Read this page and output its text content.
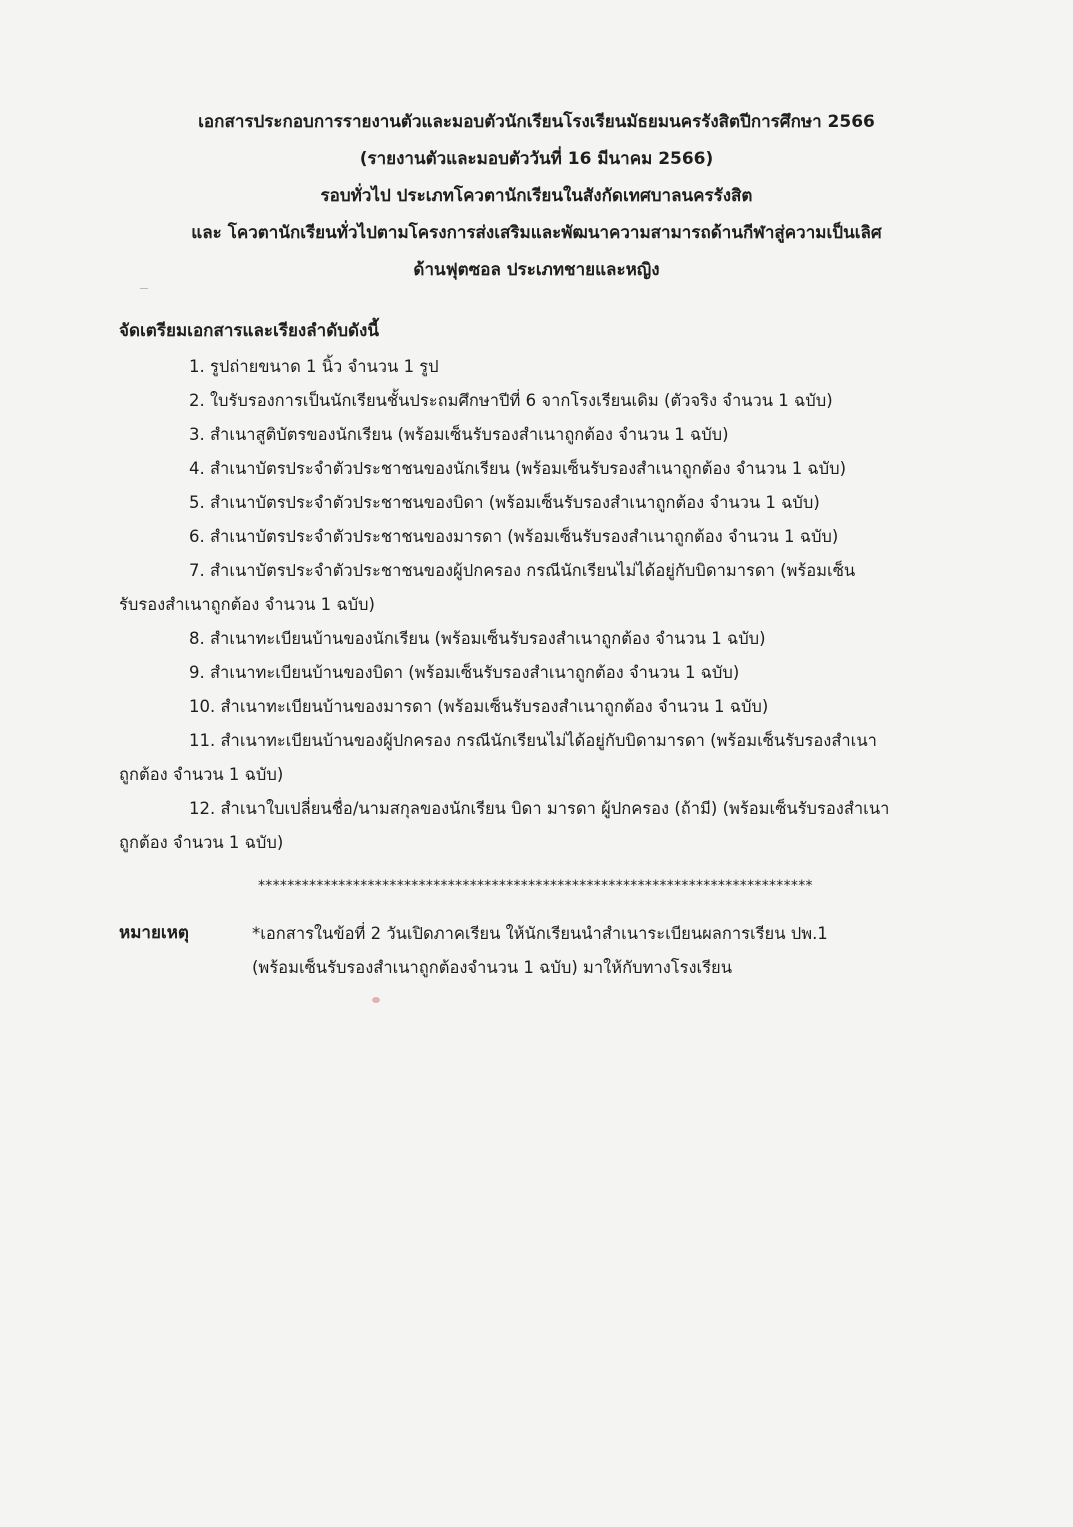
เอกสารประกอบการรายงานตัวและมอบตัวนักเรียนโรงเรียนมัธยมนครรังสิตปีการศึกษา 2566
(รายงานตัวและมอบตัววันที่ 16 มีนาคม 2566)
รอบทั่วไป ประเภทโควตานักเรียนในสังกัดเทศบาลนครรังสิต
และ โควตานักเรียนทั่วไปตามโครงการส่งเสริมและพัฒนาความสามารถด้านกีฬาสู่ความเป็นเลิศ
ด้านฟุตซอล ประเภทชายและหญิง
จัดเตรียมเอกสารและเรียงลำดับดังนี้
1. รูปถ่ายขนาด 1 นิ้ว จำนวน 1 รูป
2. ใบรับรองการเป็นนักเรียนชั้นประถมศึกษาปีที่ 6 จากโรงเรียนเดิม (ตัวจริง จำนวน 1 ฉบับ)
3. สำเนาสูติบัตรของนักเรียน (พร้อมเซ็นรับรองสำเนาถูกต้อง จำนวน 1 ฉบับ)
4. สำเนาบัตรประจำตัวประชาชนของนักเรียน (พร้อมเซ็นรับรองสำเนาถูกต้อง จำนวน 1 ฉบับ)
5. สำเนาบัตรประจำตัวประชาชนของบิดา (พร้อมเซ็นรับรองสำเนาถูกต้อง จำนวน 1 ฉบับ)
6. สำเนาบัตรประจำตัวประชาชนของมารดา (พร้อมเซ็นรับรองสำเนาถูกต้อง จำนวน 1 ฉบับ)
7. สำเนาบัตรประจำตัวประชาชนของผู้ปกครอง กรณีนักเรียนไม่ได้อยู่กับบิดามารดา (พร้อมเซ็น
รับรองสำเนาถูกต้อง จำนวน 1 ฉบับ)
8. สำเนาทะเบียนบ้านของนักเรียน (พร้อมเซ็นรับรองสำเนาถูกต้อง จำนวน 1 ฉบับ)
9. สำเนาทะเบียนบ้านของบิดา (พร้อมเซ็นรับรองสำเนาถูกต้อง จำนวน 1 ฉบับ)
10. สำเนาทะเบียนบ้านของมารดา (พร้อมเซ็นรับรองสำเนาถูกต้อง จำนวน 1 ฉบับ)
11. สำเนาทะเบียนบ้านของผู้ปกครอง กรณีนักเรียนไม่ได้อยู่กับบิดามารดา (พร้อมเซ็นรับรองสำเนา
ถูกต้อง จำนวน 1 ฉบับ)
12. สำเนาใบเปลี่ยนชื่อ/นามสกุลของนักเรียน บิดา มารดา ผู้ปกครอง (ถ้ามี) (พร้อมเซ็นรับรองสำเนา
ถูกต้อง จำนวน 1 ฉบับ)
****************************************************************************
หมายเหตุ	*เอกสารในข้อที่ 2 วันเปิดภาคเรียน ให้นักเรียนนำสำเนาระเบียนผลการเรียน ปพ.1
(พร้อมเซ็นรับรองสำเนาถูกต้องจำนวน 1 ฉบับ) มาให้กับทางโรงเรียน
